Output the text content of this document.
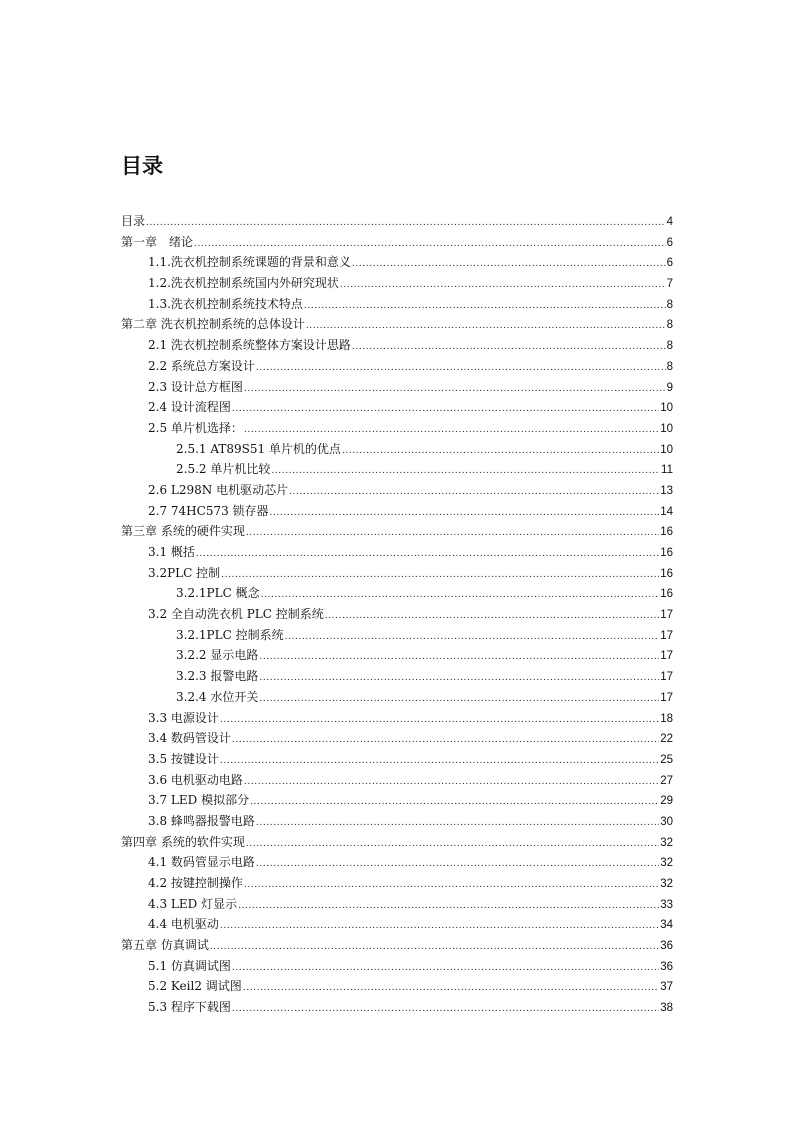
目录
目录 .....	4
第一章　绪论 .....	6
1.1.洗衣机控制系统课题的背景和意义 .....	6
1.2.洗衣机控制系统国内外研究现状 .....	7
1.3.洗衣机控制系统技术特点 .....	8
第二章 洗衣机控制系统的总体设计 .....	8
2.1 洗衣机控制系统整体方案设计思路 .....	8
2.2 系统总方案设计 .....	8
2.3 设计总方框图 .....	9
2.4 设计流程图 .....	10
2.5 单片机选择： .....	10
2.5.1 AT89S51 单片机的优点 .....	10
2.5.2 单片机比较 .....	11
2.6 L298N 电机驱动芯片 .....	13
2.7 74HC573 锁存器 .....	14
第三章 系统的硬件实现 .....	16
3.1 概括 .....	16
3.2PLC 控制 .....	16
3.2.1PLC 概念 .....	16
3.2 全自动洗衣机 PLC 控制系统 .....	17
3.2.1PLC 控制系统 .....	17
3.2.2 显示电路 .....	17
3.2.3 报警电路 .....	17
3.2.4 水位开关 .....	17
3.3 电源设计 .....	18
3.4 数码管设计 .....	22
3.5 按键设计 .....	25
3.6 电机驱动电路 .....	27
3.7 LED 模拟部分 .....	29
3.8 蜂鸣器报警电路 .....	30
第四章 系统的软件实现 .....	32
4.1 数码管显示电路 .....	32
4.2 按键控制操作 .....	32
4.3 LED 灯显示 .....	33
4.4 电机驱动 .....	34
第五章 仿真调试 .....	36
5.1 仿真调试图 .....	36
5.2 Keil2 调试图 .....	37
5.3 程序下载图 .....	38
